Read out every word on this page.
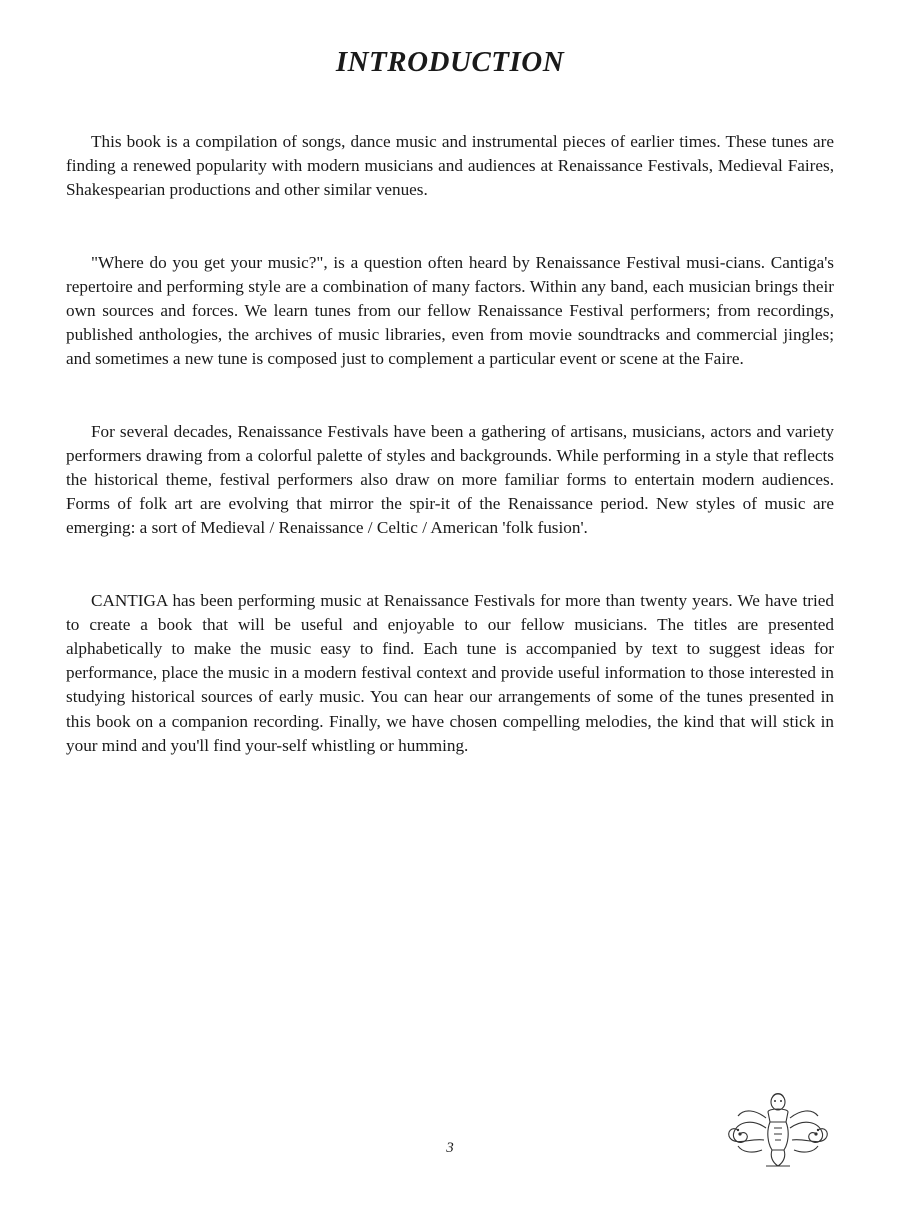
INTRODUCTION

This book is a compilation of songs, dance music and instrumental pieces of earlier times. These tunes are finding a renewed popularity with modern musicians and audiences at Renaissance Festivals, Medieval Faires, Shakespearian productions and other similar venues.

"Where do you get your music?", is a question often heard by Renaissance Festival musi-cians. Cantiga's repertoire and performing style are a combination of many factors. Within any band, each musician brings their own sources and forces. We learn tunes from our fellow Renaissance Festival performers; from recordings, published anthologies, the archives of music libraries, even from movie soundtracks and commercial jingles; and sometimes a new tune is composed just to complement a particular event or scene at the Faire.

For several decades, Renaissance Festivals have been a gathering of artisans, musicians, actors and variety performers drawing from a colorful palette of styles and backgrounds. While performing in a style that reflects the historical theme, festival performers also draw on more familiar forms to entertain modern audiences. Forms of folk art are evolving that mirror the spir-it of the Renaissance period. New styles of music are emerging: a sort of Medieval / Renaissance / Celtic / American 'folk fusion'.

CANTIGA has been performing music at Renaissance Festivals for more than twenty years. We have tried to create a book that will be useful and enjoyable to our fellow musicians. The titles are presented alphabetically to make the music easy to find. Each tune is accompanied by text to suggest ideas for performance, place the music in a modern festival context and provide useful information to those interested in studying historical sources of early music. You can hear our arrangements of some of the tunes presented in this book on a companion recording. Finally, we have chosen compelling melodies, the kind that will stick in your mind and you'll find your-self whistling or humming.

3
